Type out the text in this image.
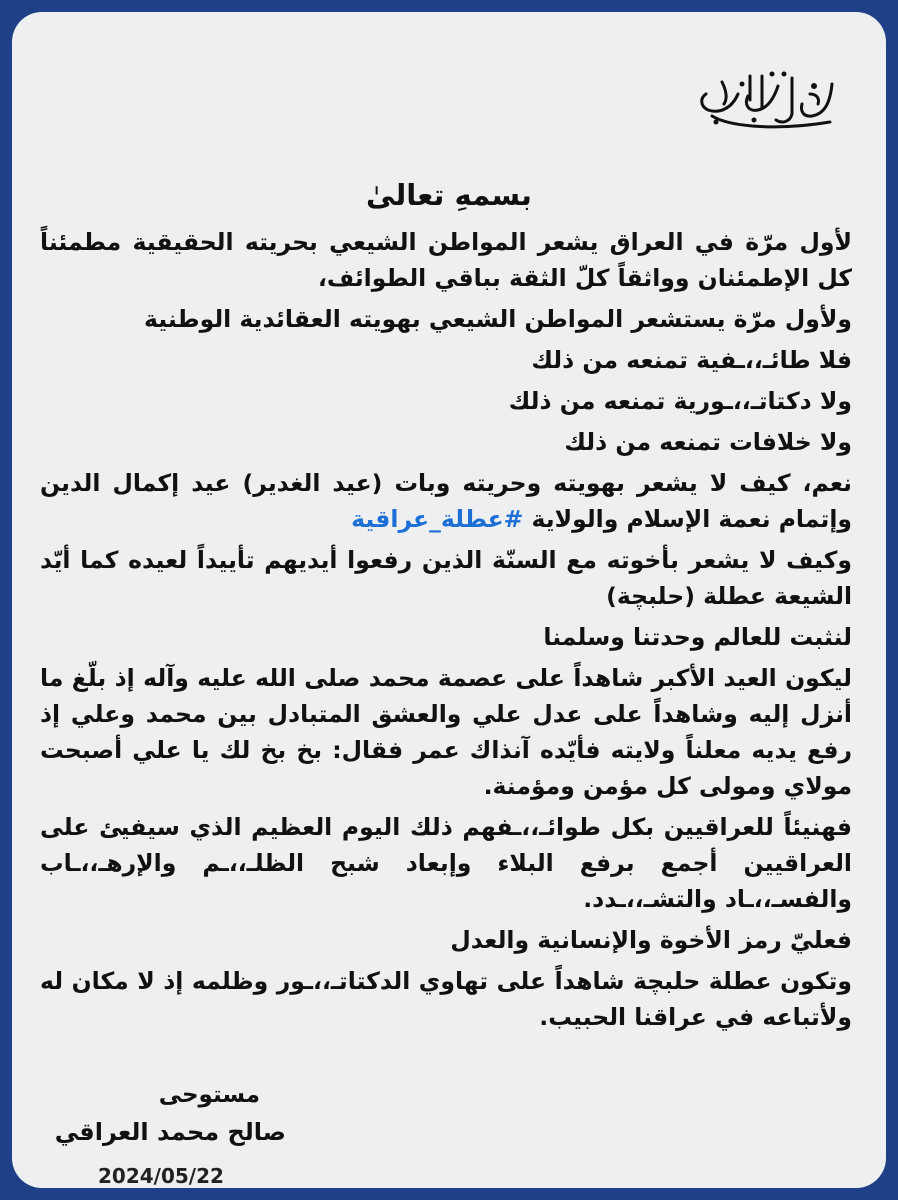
بسمهِ تعالىٰ

لأول مرّة في العراق يشعر المواطن الشيعي بحريته الحقيقية مطمئناً كل الإطمئنان وواثقاً كلّ الثقة بباقي الطوائف،

ولأول مرّة يستشعر المواطن الشيعي بهويته العقائدية الوطنية

فلا طائـ،،ـفية تمنعه من ذلك

ولا دكتاتـ،،ـورية تمنعه من ذلك

ولا خلافات تمنعه من ذلك

نعم، كيف لا يشعر بهويته وحريته وبات (عيد الغدير) عيد إكمال الدين وإتمام نعمة الإسلام والولاية #عطلة_عراقية

وكيف لا يشعر بأخوته مع السنّة الذين رفعوا أيديهم تأييداً لعيده كما أيّد الشيعة عطلة (حلبچة)

لنثبت للعالم وحدتنا وسلمنا

ليكون العيد الأكبر شاهداً على عصمة محمد صلى الله عليه وآله إذ بلّغ ما أنزل إليه وشاهداً على عدل علي والعشق المتبادل بين محمد وعلي إذ رفع يديه معلناً ولايته فأيّده آنذاك عمر فقال: بخ بخ لك يا علي أصبحت مولاي ومولى كل مؤمن ومؤمنة.

فهنيئاً للعراقيين بكل طوائـ،،ـفهم ذلك اليوم العظيم الذي سيفيئ على العراقيين أجمع برفع البلاء وإبعاد شبح الظلـ،،ـم والإرهـ،،ـاب والفسـ،،ـاد والتشـ،،ـدد.

فعليّ رمز الأخوة والإنسانية والعدل

وتكون عطلة حلبچة شاهداً على تهاوي الدكتاتـ،،ـور وظلمه إذ لا مكان له ولأتباعه في عراقنا الحبيب.

مستوحى
صالح محمد العراقي
2024/05/22
